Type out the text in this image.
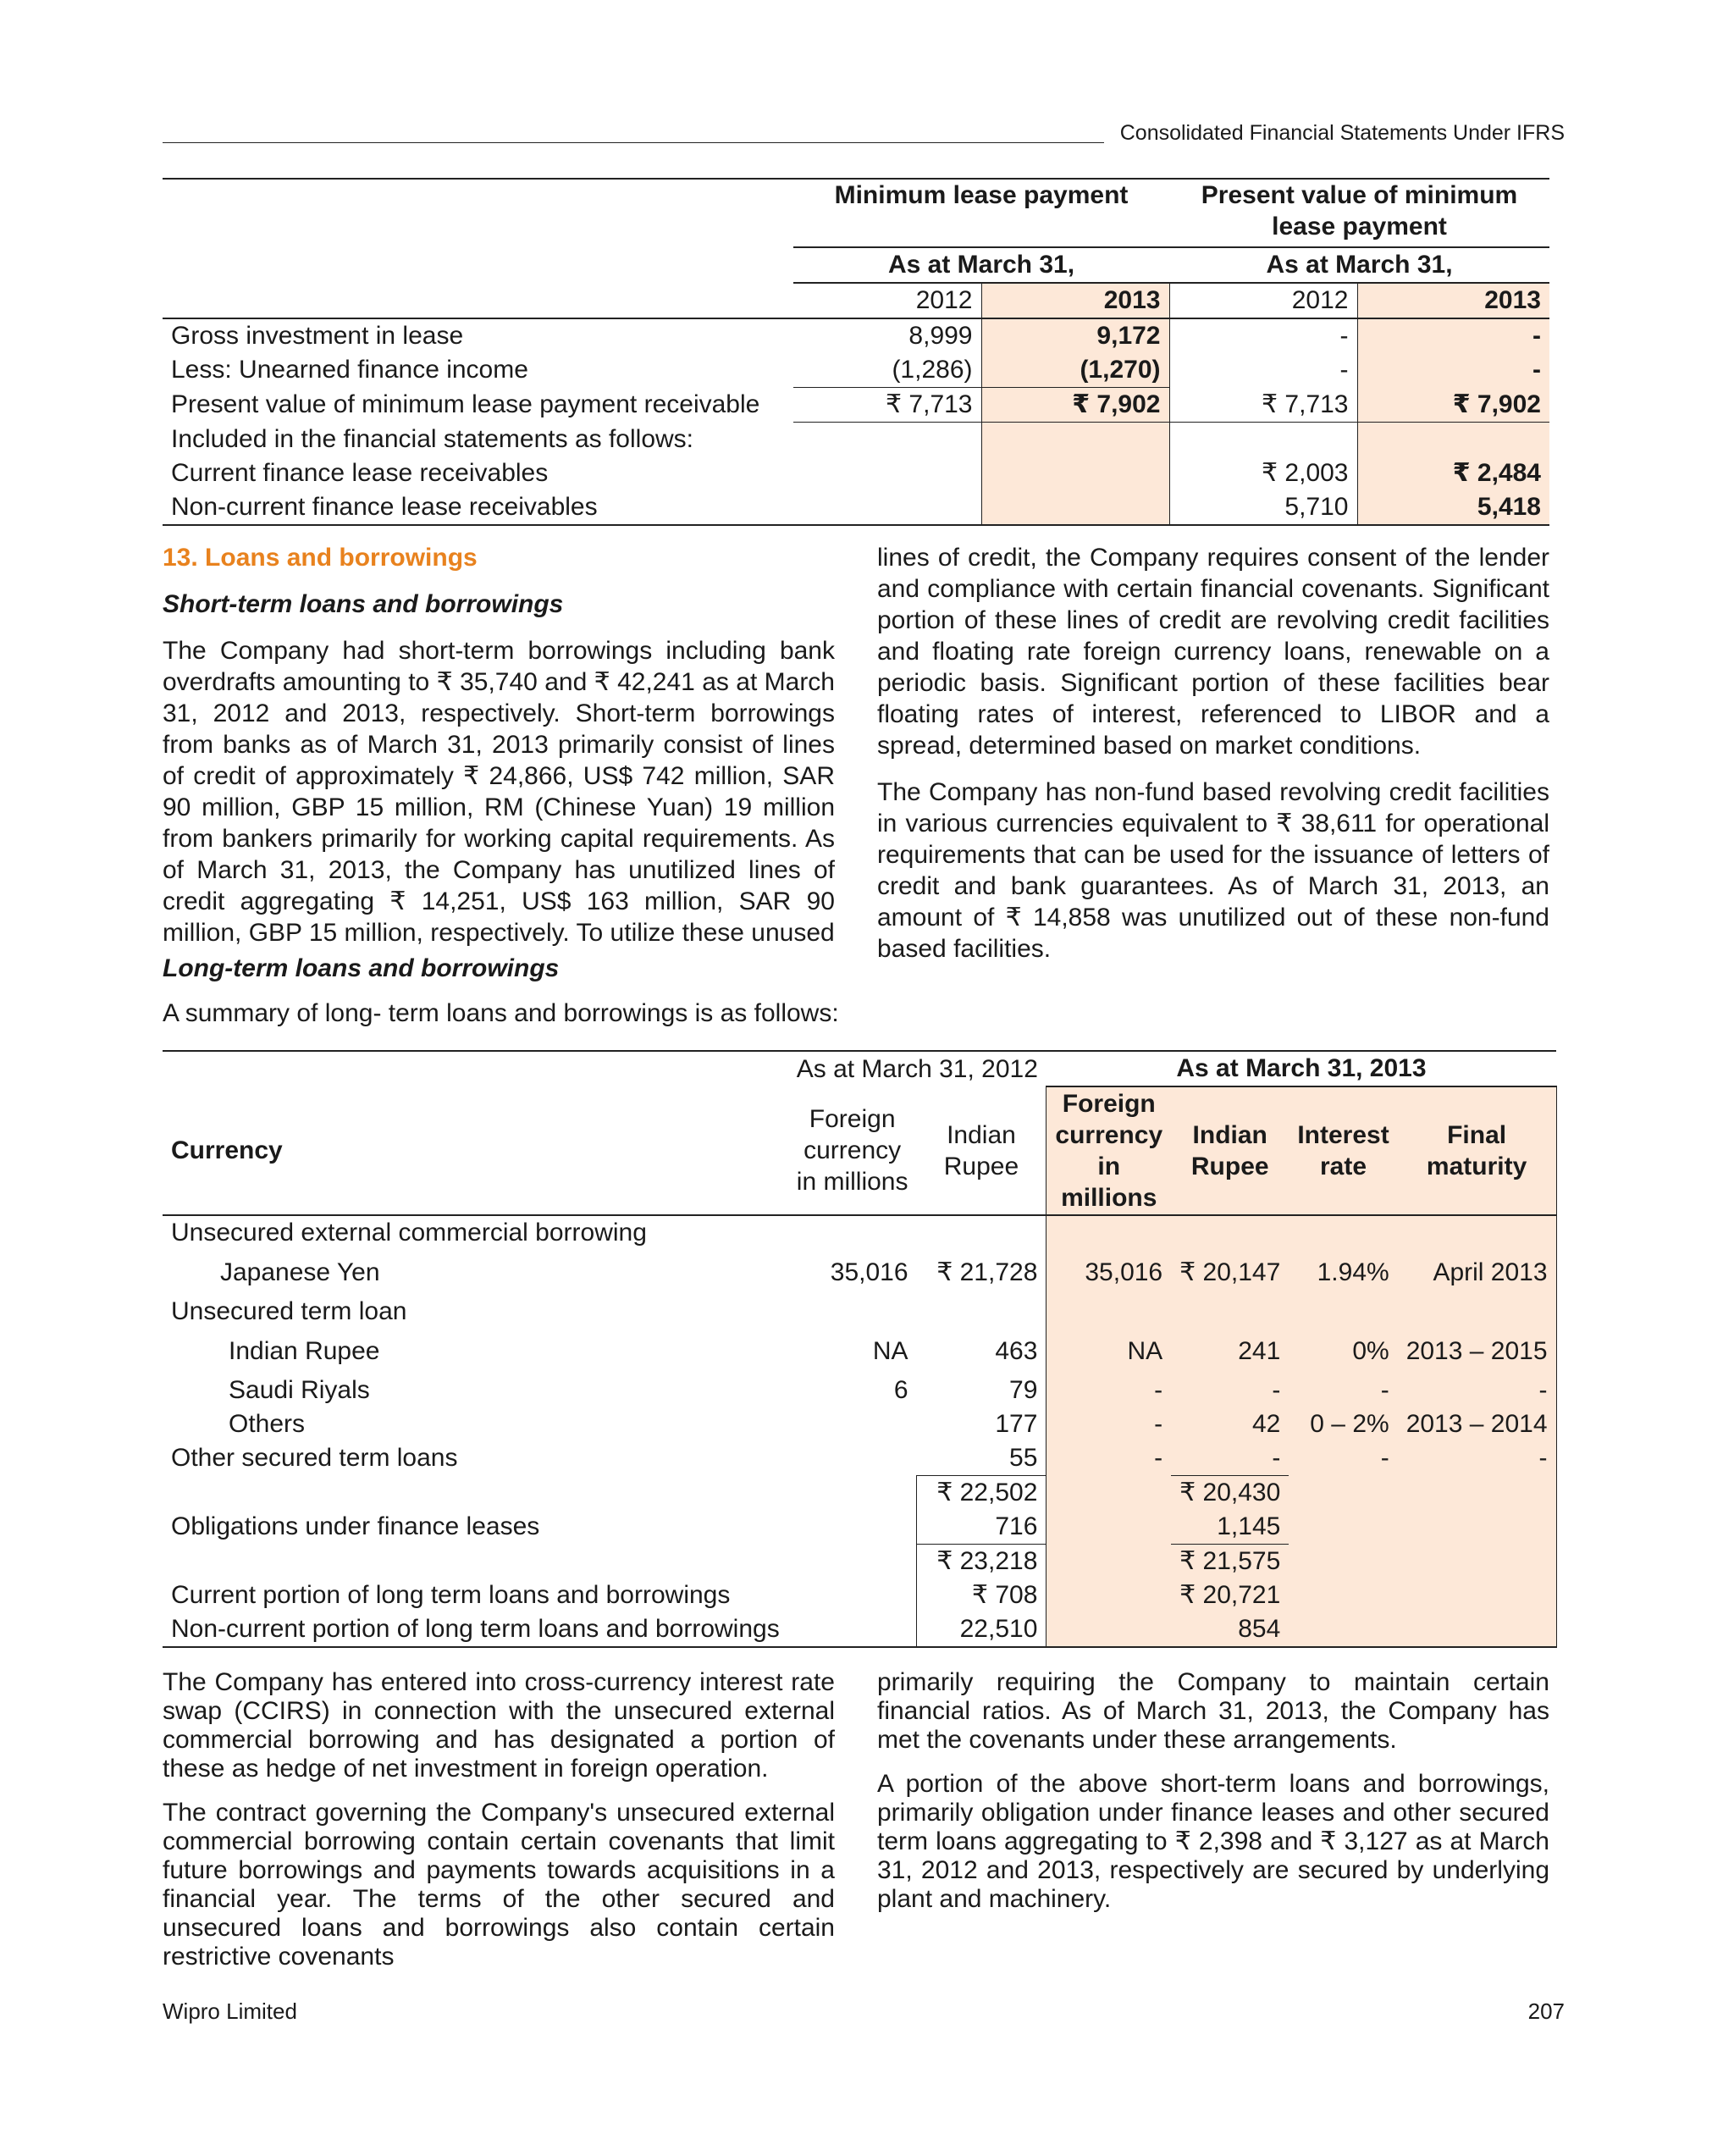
Consolidated Financial Statements Under IFRS
	Minimum lease payment		Present value of minimum lease payment	
	As at March 31,		As at March 31,	
	2012	2013	2012	2013
Gross investment in lease	8,999	9,172	-	-
Less: Unearned finance income	(1,286)	(1,270)	-	-
Present value of minimum lease payment receivable	₹ 7,713	₹ 7,902	₹ 7,713	₹ 7,902
Included in the financial statements as follows:				
Current finance lease receivables			₹ 2,003	₹ 2,484
Non-current finance lease receivables			5,710	5,418
13. Loans and borrowings
Short-term loans and borrowings

The Company had short-term borrowings including bank overdrafts amounting to ₹ 35,740 and ₹ 42,241 as at March 31, 2012 and 2013, respectively. Short-term borrowings from banks as of March 31, 2013 primarily consist of lines of credit of approximately ₹ 24,866, US$ 742 million, SAR 90 million, GBP 15 million, RM (Chinese Yuan) 19 million from bankers primarily for working capital requirements. As of March 31, 2013, the Company has unutilized lines of credit aggregating ₹ 14,251, US$ 163 million, SAR 90 million, GBP 15 million, respectively. To utilize these unused

lines of credit, the Company requires consent of the lender and compliance with certain financial covenants. Significant portion of these lines of credit are revolving credit facilities and floating rate foreign currency loans, renewable on a periodic basis. Significant portion of these facilities bear floating rates of interest, referenced to LIBOR and a spread, determined based on market conditions.

The Company has non-fund based revolving credit facilities in various currencies equivalent to ₹ 38,611 for operational requirements that can be used for the issuance of letters of credit and bank guarantees. As of March 31, 2013, an amount of ₹ 14,858 was unutilized out of these non-fund based facilities.

Long-term loans and borrowings
A summary of long- term loans and borrowings is as follows:
	As at March 31, 2012		As at March 31, 2013			
Currency	Foreign currency in millions	Indian Rupee	Foreign currency in millions	Indian Rupee	Interest rate	Final maturity
Unsecured external commercial borrowing						
Japanese Yen	35,016	₹ 21,728	35,016	₹ 20,147	1.94%	April 2013
Unsecured term loan						
Indian Rupee	NA	463	NA	241	0%	2013 – 2015
Saudi Riyals	6	79	-	-	-	-
Others		177	-	42	0 – 2%	2013 – 2014
Other secured term loans		55	-	-	-	-
		₹ 22,502		₹ 20,430		
Obligations under finance leases		716		1,145		
		₹ 23,218		₹ 21,575		
Current portion of long term loans and borrowings		₹ 708		₹ 20,721		
Non-current portion of long term loans and borrowings		22,510		854		

The Company has entered into cross-currency interest rate swap (CCIRS) in connection with the unsecured external commercial borrowing and has designated a portion of these as hedge of net investment in foreign operation.

The contract governing the Company's unsecured external commercial borrowing contain certain covenants that limit future borrowings and payments towards acquisitions in a financial year. The terms of the other secured and unsecured loans and borrowings also contain certain restrictive covenants

primarily requiring the Company to maintain certain financial ratios. As of March 31, 2013, the Company has met the covenants under these arrangements.

A portion of the above short-term loans and borrowings, primarily obligation under finance leases and other secured term loans aggregating to ₹ 2,398 and ₹ 3,127 as at March 31, 2012 and 2013, respectively are secured by underlying plant and machinery.

Wipro Limited	207
